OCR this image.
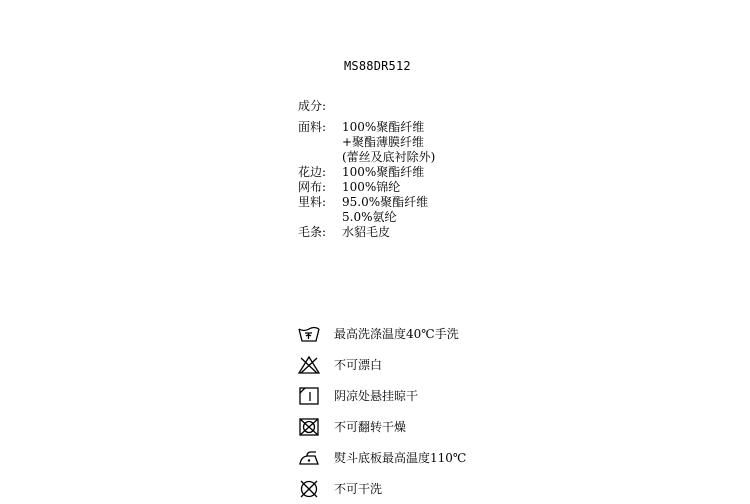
MS88DR512
成分:
面料:	100%聚酯纤维
+聚酯薄膜纤维
(蕾丝及底衬除外)
花边:	100%聚酯纤维
网布:	100%锦纶
里料:	95.0%聚酯纤维
5.0%氨纶
毛条:	水貂毛皮
最高洗涤温度40℃手洗
不可漂白
阴凉处悬挂晾干
不可翻转干燥
熨斗底板最高温度110℃
不可干洗
